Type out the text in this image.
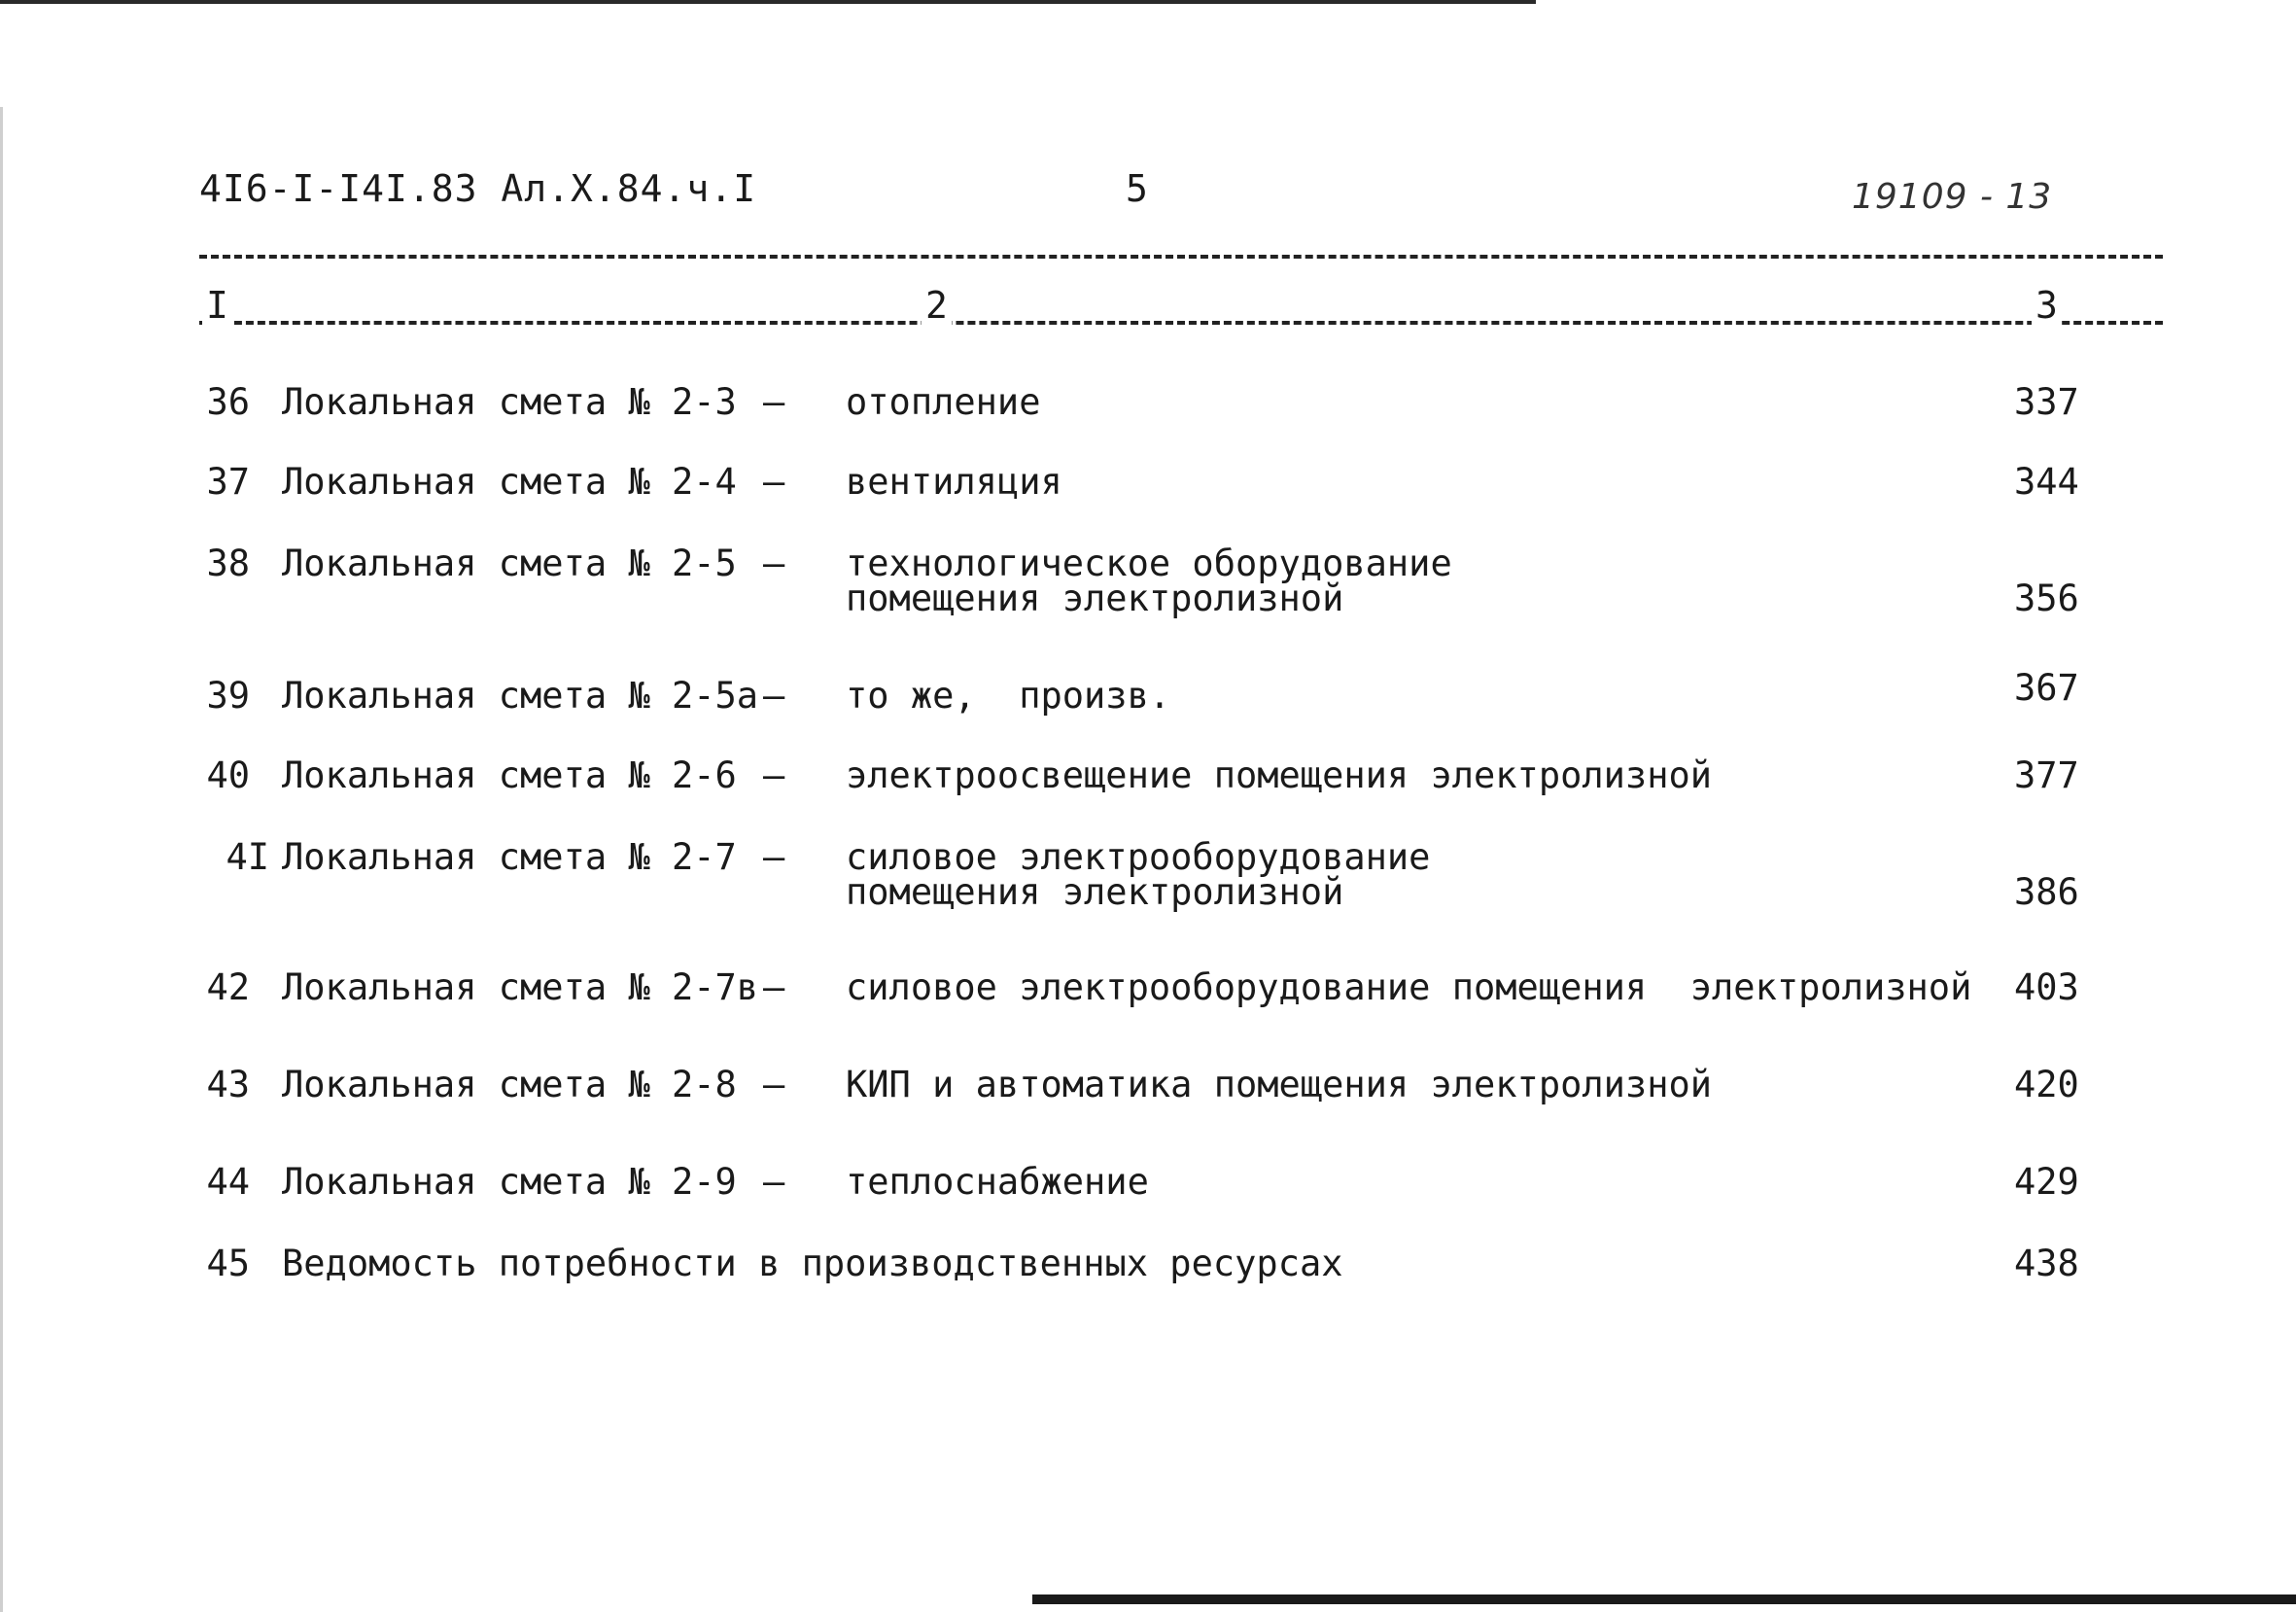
4I6-I-I4I.83 Ал.Х.84.ч.I	5	19109 - 13
I	2	3
36 Локальная смета № 2-3 – отопление	337
37 Локальная смета № 2-4 – вентиляция	344
38 Локальная смета № 2-5 – технологическое оборудование помещения электролизной	356
39 Локальная смета № 2-5а – то же,  произв.	367
40 Локальная смета № 2-6 – электроосвещение помещения электролизной	377
4I Локальная смета № 2-7 – силовое электрооборудование помещения электролизной	386
42 Локальная смета № 2-7в – силовое электрооборудование помещения  электролизной 403
43 Локальная смета № 2-8 – КИП и автоматика помещения электролизной	420
44 Локальная смета № 2-9 – теплоснабжение	429
45 Ведомость потребности в производственных ресурсах	438
